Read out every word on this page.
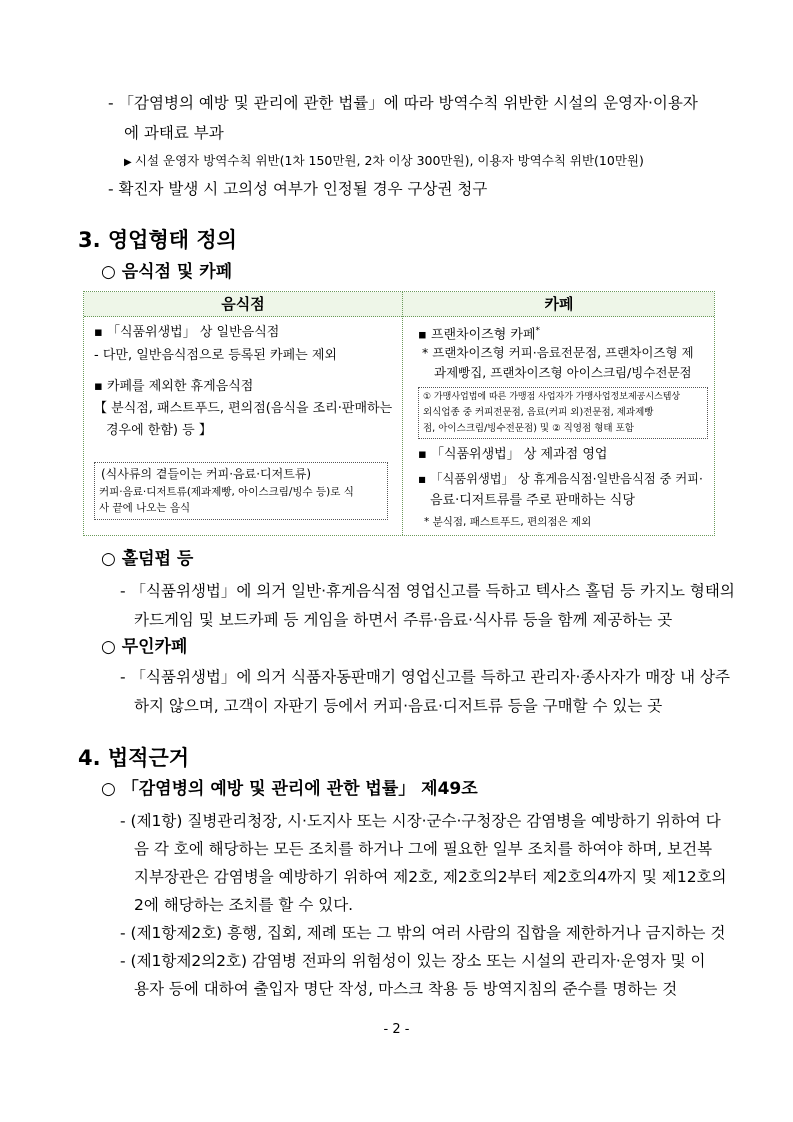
- 「감염병의 예방 및 관리에 관한 법률」에 따라 방역수칙 위반한 시설의 운영자·이용자
에 과태료 부과
▶ 시설 운영자 방역수칙 위반(1차 150만원, 2차 이상 300만원), 이용자 방역수칙 위반(10만원)
- 확진자 발생 시 고의성 여부가 인정될 경우 구상권 청구
3. 영업형태 정의
○ 음식점 및 카페
음식점	카페
▪ 「식품위생법」 상 일반음식점
- 다만, 일반음식점으로 등록된 카페는 제외
▪ 카페를 제외한 휴게음식점
【 분식점, 패스트푸드, 편의점(음식을 조리·판매하는
경우에 한함) 등 】
(식사류의 곁들이는 커피·음료·디저트류)
커피·음료·디저트류(제과제빵, 아이스크림/빙수 등)로 식
사 끝에 나오는 음식
▪ 프랜차이즈형 카페*
* 프랜차이즈형 커피·음료전문점, 프랜차이즈형 제
과제빵집, 프랜차이즈형 아이스크림/빙수전문점
① 가맹사업법에 따른 가맹점 사업자가 가맹사업정보제공시스템상
외식업종 중 커피전문점, 음료(커피 외)전문점, 제과제빵
점, 아이스크림/빙수전문점) 및 ② 직영점 형태 포함
▪ 「식품위생법」 상 제과점 영업
▪ 「식품위생법」 상 휴게음식점·일반음식점 중 커피·
음료·디저트류를 주로 판매하는 식당
* 분식점, 패스트푸드, 편의점은 제외
○ 홀덤펍 등
- 「식품위생법」에 의거 일반·휴게음식점 영업신고를 득하고 텍사스 홀덤 등 카지노 형태의
카드게임 및 보드카페 등 게임을 하면서 주류·음료·식사류 등을 함께 제공하는 곳
○ 무인카페
- 「식품위생법」에 의거 식품자동판매기 영업신고를 득하고 관리자·종사자가 매장 내 상주
하지 않으며, 고객이 자판기 등에서 커피·음료·디저트류 등을 구매할 수 있는 곳
4. 법적근거
○ 「감염병의 예방 및 관리에 관한 법률」 제49조
- (제1항) 질병관리청장, 시·도지사 또는 시장·군수·구청장은 감염병을 예방하기 위하여 다
음 각 호에 해당하는 모든 조치를 하거나 그에 필요한 일부 조치를 하여야 하며, 보건복
지부장관은 감염병을 예방하기 위하여 제2호, 제2호의2부터 제2호의4까지 및 제12호의
2에 해당하는 조치를 할 수 있다.
- (제1항제2호) 흥행, 집회, 제례 또는 그 밖의 여러 사람의 집합을 제한하거나 금지하는 것
- (제1항제2의2호) 감염병 전파의 위험성이 있는 장소 또는 시설의 관리자·운영자 및 이
용자 등에 대하여 출입자 명단 작성, 마스크 착용 등 방역지침의 준수를 명하는 것
- 2 -
